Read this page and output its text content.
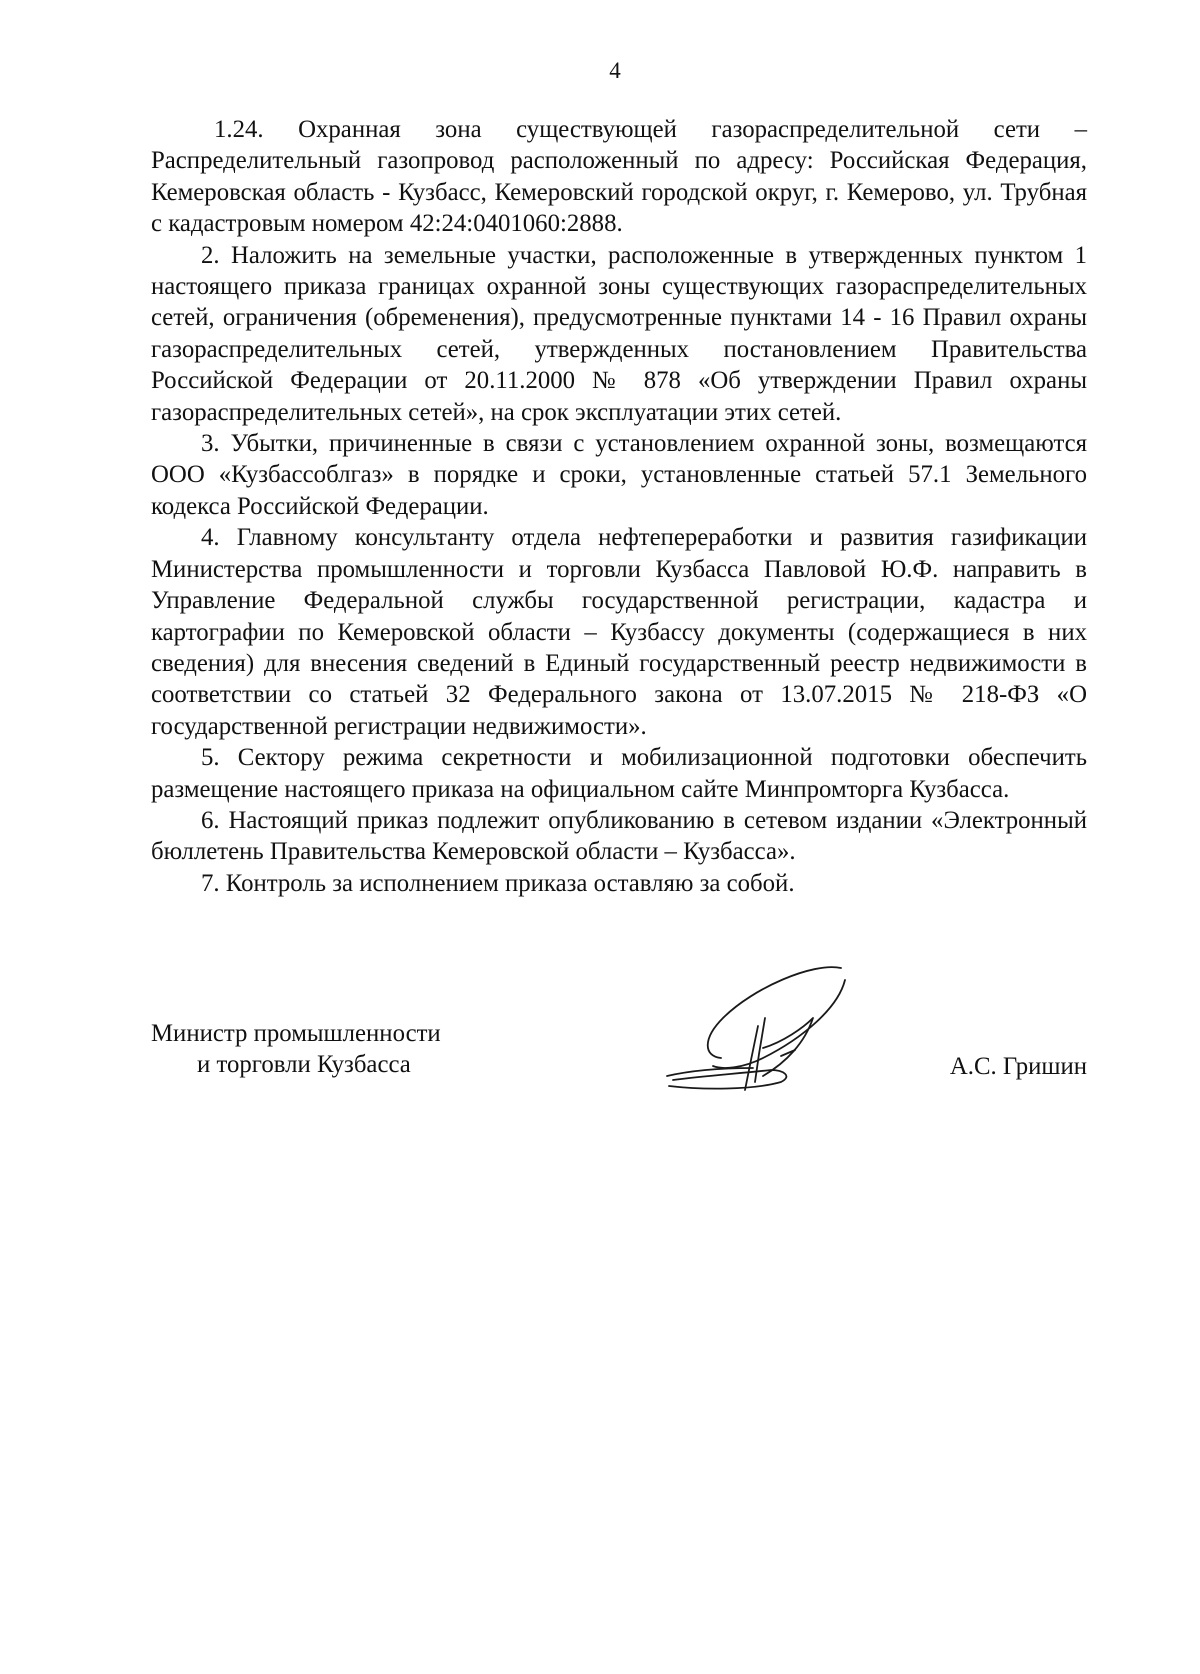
4

1.24. Охранная зона существующей газораспределительной сети – Распределительный газопровод расположенный по адресу: Российская Федерация, Кемеровская область - Кузбасс, Кемеровский городской округ, г. Кемерово, ул. Трубная с кадастровым номером 42:24:0401060:2888.

2. Наложить на земельные участки, расположенные в утвержденных пунктом 1 настоящего приказа границах охранной зоны существующих газораспределительных сетей, ограничения (обременения), предусмотренные пунктами 14 - 16 Правил охраны газораспределительных сетей, утвержденных постановлением Правительства Российской Федерации от 20.11.2000 № 878 «Об утверждении Правил охраны газораспределительных сетей», на срок эксплуатации этих сетей.

3. Убытки, причиненные в связи с установлением охранной зоны, возмещаются ООО «Кузбассоблгаз» в порядке и сроки, установленные статьей 57.1 Земельного кодекса Российской Федерации.

4. Главному консультанту отдела нефтепереработки и развития газификации Министерства промышленности и торговли Кузбасса Павловой Ю.Ф. направить в Управление Федеральной службы государственной регистрации, кадастра и картографии по Кемеровской области – Кузбассу документы (содержащиеся в них сведения) для внесения сведений в Единый государственный реестр недвижимости в соответствии со статьей 32 Федерального закона от 13.07.2015 № 218-ФЗ «О государственной регистрации недвижимости».

5. Сектору режима секретности и мобилизационной подготовки обеспечить размещение настоящего приказа на официальном сайте Минпромторга Кузбасса.

6. Настоящий приказ подлежит опубликованию в сетевом издании «Электронный бюллетень Правительства Кемеровской области – Кузбасса».

7. Контроль за исполнением приказа оставляю за собой.

Министр промышленности
и торговли Кузбасса	А.С. Гришин
